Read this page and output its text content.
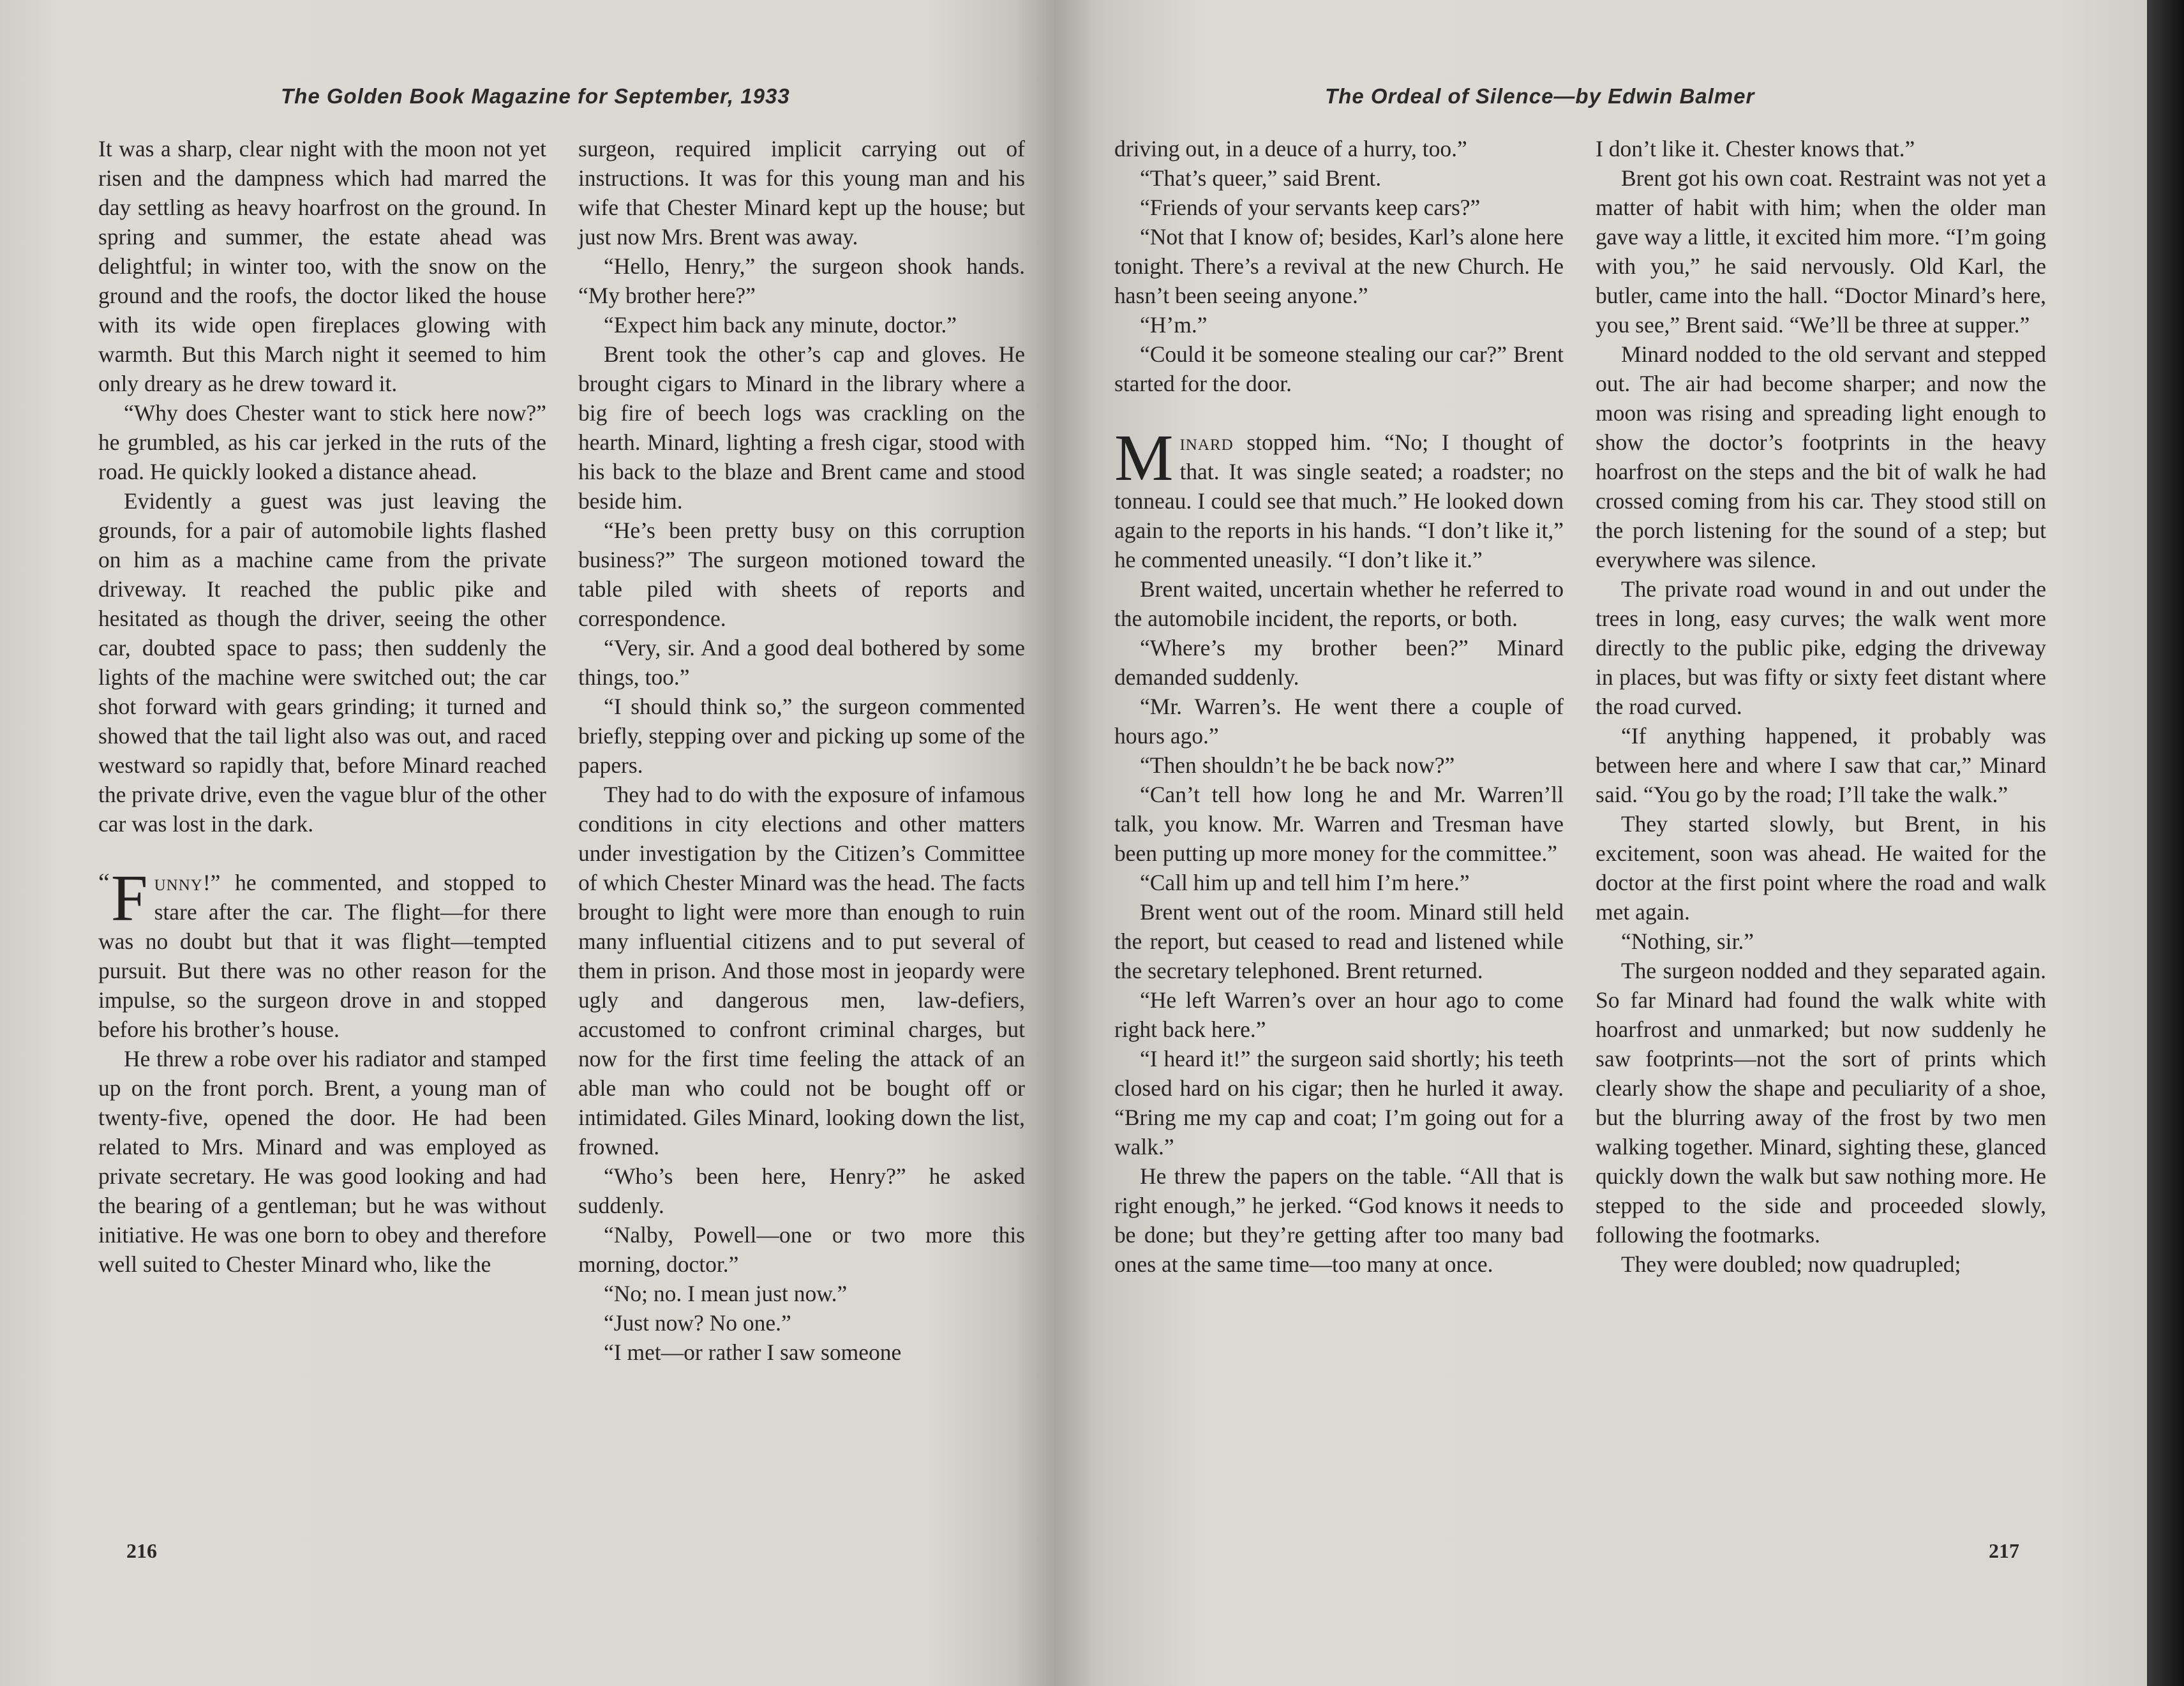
The Golden Book Magazine for September, 1933

It was a sharp, clear night with the moon not yet risen and the dampness which had marred the day settling as heavy hoarfrost on the ground. In spring and summer, the estate ahead was delightful; in winter too, with the snow on the ground and the roofs, the doctor liked the house with its wide open fireplaces glowing with warmth. But this March night it seemed to him only dreary as he drew toward it.

“Why does Chester want to stick here now?” he grumbled, as his car jerked in the ruts of the road. He quickly looked a distance ahead.

Evidently a guest was just leaving the grounds, for a pair of automobile lights flashed on him as a machine came from the private driveway. It reached the public pike and hesitated as though the driver, seeing the other car, doubted space to pass; then suddenly the lights of the machine were switched out; the car shot forward with gears grinding; it turned and showed that the tail light also was out, and raced westward so rapidly that, before Minard reached the private drive, even the vague blur of the other car was lost in the dark.

“ F unny!” he commented, and stopped to stare after the car. The flight—for there was no doubt but that it was flight—tempted pursuit. But there was no other reason for the impulse, so the surgeon drove in and stopped before his brother’s house.

He threw a robe over his radiator and stamped up on the front porch. Brent, a young man of twenty-five, opened the door. He had been related to Mrs. Minard and was employed as private secretary. He was good looking and had the bearing of a gentleman; but he was without initiative. He was one born to obey and therefore well suited to Chester Minard who, like the

surgeon, required implicit carrying out of instructions. It was for this young man and his wife that Chester Minard kept up the house; but just now Mrs. Brent was away.

“Hello, Henry,” the surgeon shook hands. “My brother here?”

“Expect him back any minute, doctor.”

Brent took the other’s cap and gloves. He brought cigars to Minard in the library where a big fire of beech logs was crackling on the hearth. Minard, lighting a fresh cigar, stood with his back to the blaze and Brent came and stood beside him.

“He’s been pretty busy on this corruption business?” The surgeon motioned toward the table piled with sheets of reports and correspondence.

“Very, sir. And a good deal bothered by some things, too.”

“I should think so,” the surgeon commented briefly, stepping over and picking up some of the papers.

They had to do with the exposure of infamous conditions in city elections and other matters under investigation by the Citizen’s Committee of which Chester Minard was the head. The facts brought to light were more than enough to ruin many influential citizens and to put several of them in prison. And those most in jeopardy were ugly and dangerous men, law-defiers, accustomed to confront criminal charges, but now for the first time feeling the attack of an able man who could not be bought off or intimidated. Giles Minard, looking down the list, frowned.

“Who’s been here, Henry?” he asked suddenly.

“Nalby, Powell—one or two more this morning, doctor.”

“No; no. I mean just now.”

“Just now? No one.”

“I met—or rather I saw someone

216
The Ordeal of Silence—by Edwin Balmer

driving out, in a deuce of a hurry, too.”

“That’s queer,” said Brent.

“Friends of your servants keep cars?”

“Not that I know of; besides, Karl’s alone here tonight. There’s a revival at the new Church. He hasn’t been seeing anyone.”

“H’m.”

“Could it be someone stealing our car?” Brent started for the door.

Minard stopped him. “No; I thought of that. It was single seated; a roadster; no tonneau. I could see that much.” He looked down again to the reports in his hands. “I don’t like it,” he commented uneasily. “I don’t like it.”

Brent waited, uncertain whether he referred to the automobile incident, the reports, or both.

“Where’s my brother been?” Minard demanded suddenly.

“Mr. Warren’s. He went there a couple of hours ago.”

“Then shouldn’t he be back now?”

“Can’t tell how long he and Mr. Warren’ll talk, you know. Mr. Warren and Tresman have been putting up more money for the committee.”

“Call him up and tell him I’m here.”

Brent went out of the room. Minard still held the report, but ceased to read and listened while the secretary telephoned. Brent returned.

“He left Warren’s over an hour ago to come right back here.”

“I heard it!” the surgeon said shortly; his teeth closed hard on his cigar; then he hurled it away. “Bring me my cap and coat; I’m going out for a walk.”

He threw the papers on the table. “All that is right enough,” he jerked. “God knows it needs to be done; but they’re getting after too many bad ones at the same time—too many at once.

I don’t like it. Chester knows that.”

Brent got his own coat. Restraint was not yet a matter of habit with him; when the older man gave way a little, it excited him more. “I’m going with you,” he said nervously. Old Karl, the butler, came into the hall. “Doctor Minard’s here, you see,” Brent said. “We’ll be three at supper.”

Minard nodded to the old servant and stepped out. The air had become sharper; and now the moon was rising and spreading light enough to show the doctor’s footprints in the heavy hoarfrost on the steps and the bit of walk he had crossed coming from his car. They stood still on the porch listening for the sound of a step; but everywhere was silence.

The private road wound in and out under the trees in long, easy curves; the walk went more directly to the public pike, edging the driveway in places, but was fifty or sixty feet distant where the road curved.

“If anything happened, it probably was between here and where I saw that car,” Minard said. “You go by the road; I’ll take the walk.”

They started slowly, but Brent, in his excitement, soon was ahead. He waited for the doctor at the first point where the road and walk met again.

“Nothing, sir.”

The surgeon nodded and they separated again. So far Minard had found the walk white with hoarfrost and unmarked; but now suddenly he saw footprints—not the sort of prints which clearly show the shape and peculiarity of a shoe, but the blurring away of the frost by two men walking together. Minard, sighting these, glanced quickly down the walk but saw nothing more. He stepped to the side and proceeded slowly, following the footmarks.

They were doubled; now quadrupled;

217
